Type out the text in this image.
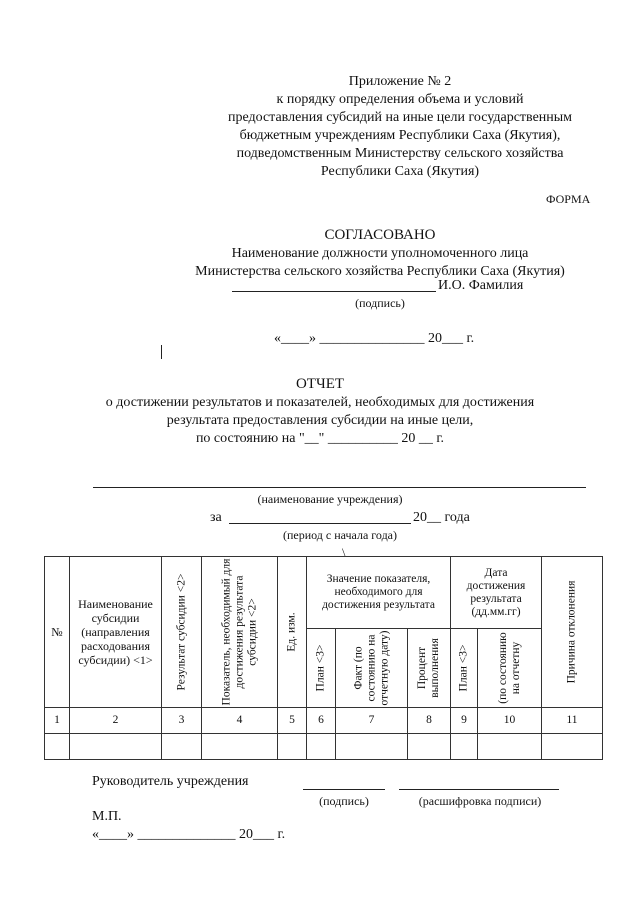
Приложение № 2
к порядку определения объема и условий
предоставления субсидий на иные цели государственным
бюджетным учреждениям Республики Саха (Якутия),
подведомственным Министерству сельского хозяйства
Республики Саха (Якутия)
ФОРМА
СОГЛАСОВАНО
Наименование должности уполномоченного лица
Министерства сельского хозяйства Республики Саха (Якутия)
И.О. Фамилия
(подпись)
«____» _______________ 20___ г.
ОТЧЕТ
о достижении результатов и показателей, необходимых для достижения
результата предоставления субсидии на иные цели,
по состоянию на "__" __________ 20 __ г.
(наименование учреждения)
за	20__ года
(период с начала года)
\
№	Наименование субсидии (направления расходования субсидии) <1>	Результат субсидии <2>	Показатель, необходимый для достижения результата субсидии <2>	Ед. изм.	Значение показателя, необходимого для достижения результата			Дата достижения результата (дд.мм.гг)		Причина отклонения

					План <3>	Факт (по состоянию на отчетную дату)	Процент выполнения	План <3>	(по состоянию на отчетну	

1	2	3	4	5	6	7	8	9	10	11

Руководитель учреждения
(подпись)	(расшифровка подписи)
М.П.
«____» ______________ 20___ г.
